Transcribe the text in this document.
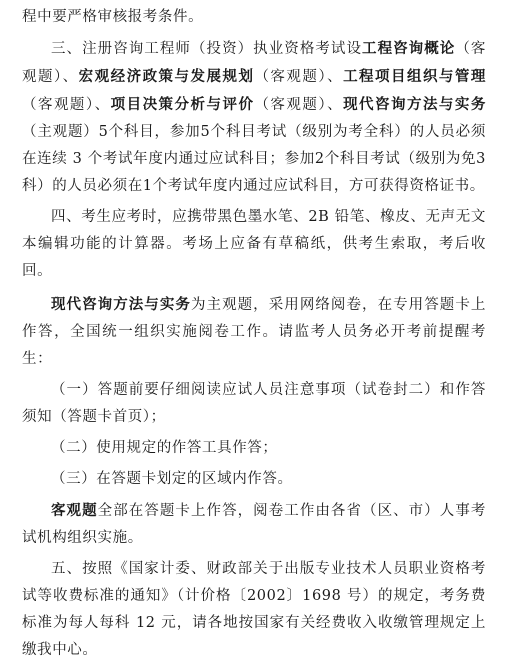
程中要严格审核报考条件。

三、注册咨询工程师（投资）执业资格考试设工程咨询概论（客观题）、宏观经济政策与发展规划（客观题）、工程项目组织与管理（客观题）、项目决策分析与评价（客观题）、现代咨询方法与实务（主观题）5个科目，参加5个科目考试（级别为考全科）的人员必须在连续 3 个考试年度内通过应试科目；参加2个科目考试（级别为免3科）的人员必须在1个考试年度内通过应试科目，方可获得资格证书。

四、考生应考时，应携带黑色墨水笔、2B 铅笔、橡皮、无声无文本编辑功能的计算器。考场上应备有草稿纸，供考生索取，考后收回。

现代咨询方法与实务为主观题，采用网络阅卷，在专用答题卡上作答，全国统一组织实施阅卷工作。请监考人员务必开考前提醒考生：

（一）答题前要仔细阅读应试人员注意事项（试卷封二）和作答须知（答题卡首页）；

（二）使用规定的作答工具作答；

（三）在答题卡划定的区域内作答。

客观题全部在答题卡上作答，阅卷工作由各省（区、市）人事考试机构组织实施。

五、按照《国家计委、财政部关于出版专业技术人员职业资格考试等收费标准的通知》（计价格〔2002〕1698 号）的规定，考务费标准为每人每科 12 元，请各地按国家有关经费收入收缴管理规定上缴我中心。
